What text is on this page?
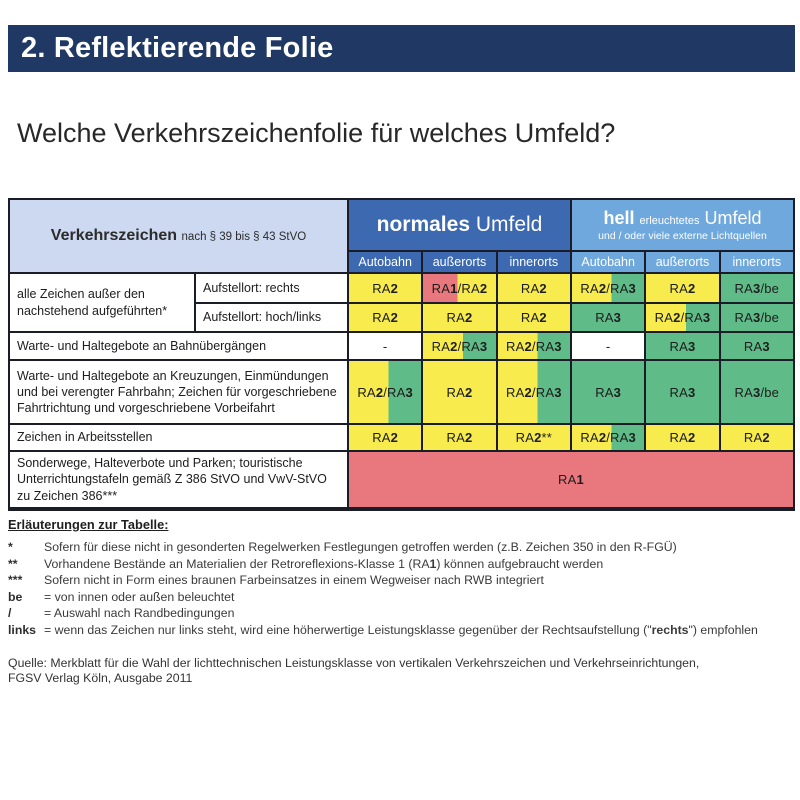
2. Reflektierende Folie
Welche Verkehrszeichenfolie für welches Umfeld?
Verkehrszeichen nach § 39 bis § 43 StVO
normales
Umfeld	hell erleuchtetes Umfeld
und / oder viele externe Lichtquellen
Autobahn	außerorts	innerorts	Autobahn	außerorts	innerorts
alle Zeichen außer den nachstehend aufgeführten*
Aufstellort: rechts	RA 2	RA 1 /RA 2	RA 2	RA 2 /RA 3	RA 2	RA 3 /be
Aufstellort: hoch/links	RA 2	RA 2	RA 2	RA 3	RA 2 /RA 3	RA 3 /be
Warte- und Haltegebote an Bahnübergängen	-	RA 2 /RA 3	RA 2 /RA 3	-	RA 3	RA 3
Warte- und Haltegebote an Kreuzungen, Einmündungen und bei verengter Fahrbahn; Zeichen für vorgeschriebene Fahrtrichtung und vorgeschriebene Vorbeifahrt
RA 2 /RA 3	RA 2	RA 2 /RA 3	RA 3	RA 3	RA 3 /be
Zeichen in Arbeitsstellen	RA 2	RA 2	RA 2 **	RA 2 /RA 3	RA 2	RA 2
Sonderwege, Halteverbote und Parken; touristische Unterrichtungstafeln gemäß Z 386 StVO und VwV-StVO zu Zeichen 386***
RA 1
Erläuterungen zur Tabelle:
*	Sofern für diese nicht in gesonderten Regelwerken Festlegungen getroffen werden (z.B. Zeichen 350 in den R-FGÜ)
**	Vorhandene Bestände an Materialien der Retroreflexions-Klasse 1 (RA1) können aufgebraucht werden
***	Sofern nicht in Form eines braunen Farbeinsatzes in einem Wegweiser nach RWB integriert
be	= von innen oder außen beleuchtet
/	= Auswahl nach Randbedingungen
links = wenn das Zeichen nur links steht, wird eine höherwertige Leistungsklasse gegenüber der Rechtsaufstellung ("rechts") empfohlen
Quelle: Merkblatt für die Wahl der lichttechnischen Leistungsklasse von vertikalen Verkehrszeichen und Verkehrseinrichtungen,
FGSV Verlag Köln, Ausgabe 2011
